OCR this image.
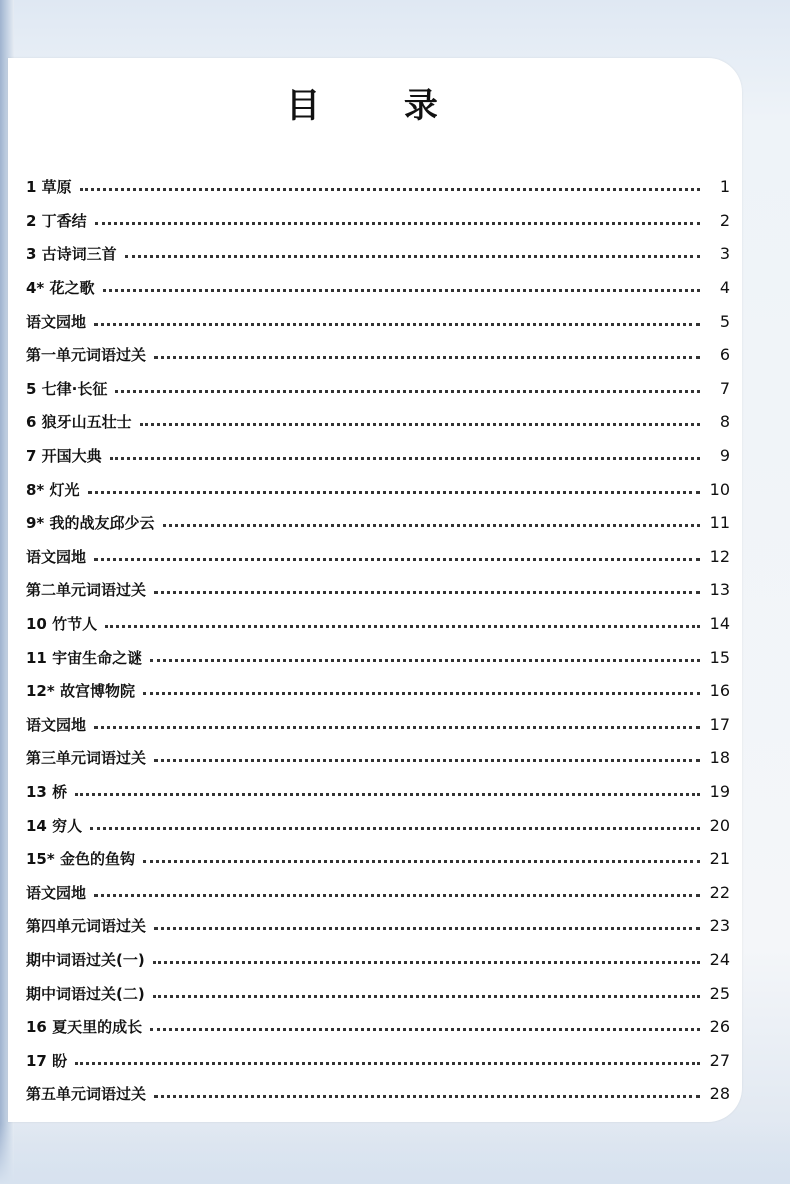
目 录
1 草原	1
2 丁香结	2
3 古诗词三首	3
4* 花之歌	4
语文园地	5
第一单元词语过关	6
5 七律·长征	7
6 狼牙山五壮士	8
7 开国大典	9
8* 灯光	10
9* 我的战友邱少云	11
语文园地	12
第二单元词语过关	13
10 竹节人	14
11 宇宙生命之谜	15
12* 故宫博物院	16
语文园地	17
第三单元词语过关	18
13 桥	19
14 穷人	20
15* 金色的鱼钩	21
语文园地	22
第四单元词语过关	23
期中词语过关(一)	24
期中词语过关(二)	25
16 夏天里的成长	26
17 盼	27
第五单元词语过关	28
